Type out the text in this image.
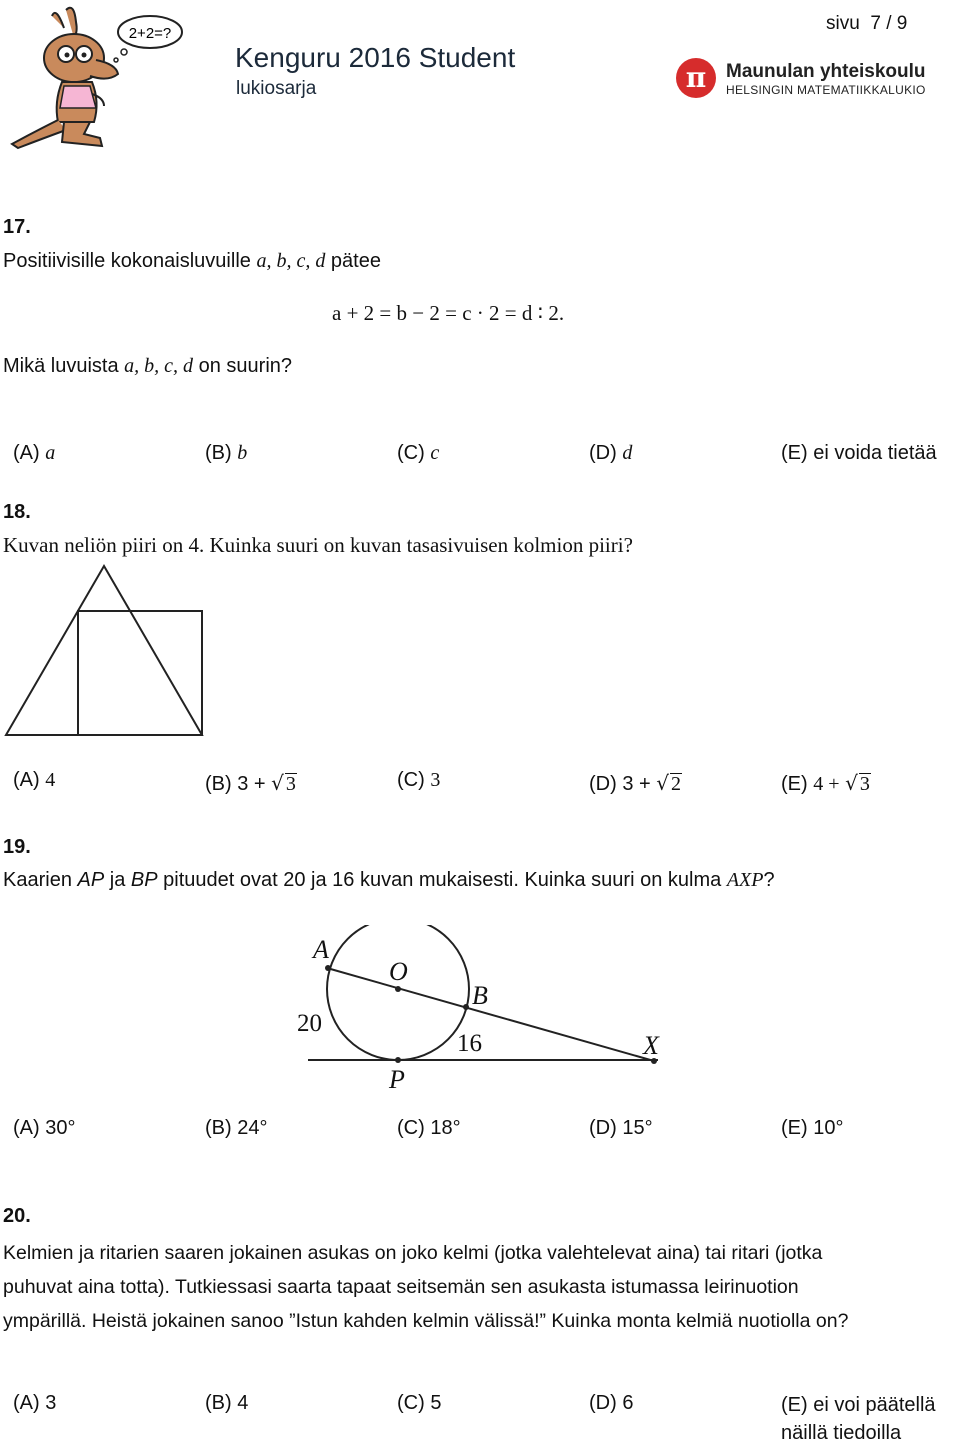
2+2=?
Kenguru 2016 Student
lukiosarja
sivu 7 / 9
π	Maunulan yhteiskoulu
HELSINGIN MATEMATIIKKALUKIO
17.
Positiivisille kokonaisluvuille a, b, c, d pätee
a + 2 = b − 2 = c · 2 = d ∶ 2.
Mikä luvuista a, b, c, d on suurin?
(A) a	(B) b	(C) c	(D) d	(E) ei voida tietää
18.
Kuvan neliön piiri on 4. Kuinka suuri on kuvan tasasivuisen kolmion piiri?
(A) 4	(B) 3 + √ 3	(C) 3	(D) 3 + √ 2	(E) 4 + √ 3
19.
Kaarien AP ja BP pituudet ovat 20 ja 16 kuvan mukaisesti. Kuinka suuri on kulma AXP?
A
O
B
X
P
20
16
(A) 30°	(B) 24°	(C) 18°	(D) 15°	(E) 10°
20.
Kelmien ja ritarien saaren jokainen asukas on joko kelmi (jotka valehtelevat aina) tai ritari (jotka
puhuvat aina totta). Tutkiessasi saarta tapaat seitsemän sen asukasta istumassa leirinuotion
ympärillä. Heistä jokainen sanoo ”Istun kahden kelmin välissä!” Kuinka monta kelmiä nuotiolla on?
(A) 3	(B) 4	(C) 5	(D) 6	(E) ei voi päätellä
näillä tiedoilla
